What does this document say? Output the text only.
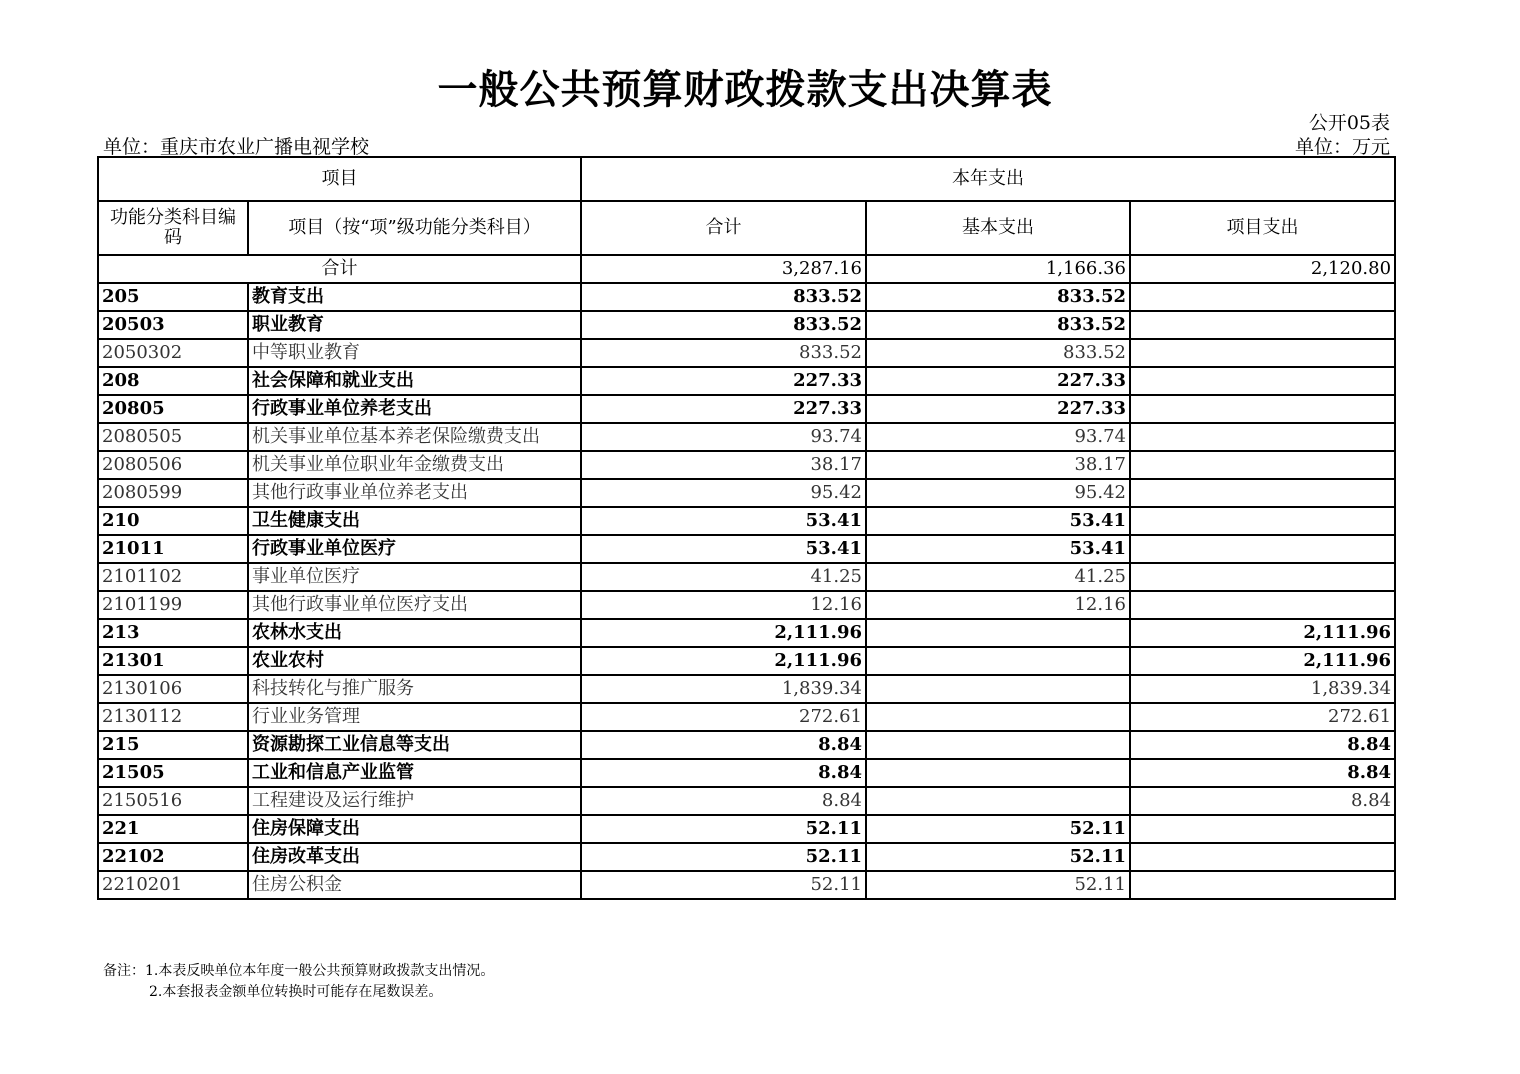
一般公共预算财政拨款支出决算表
公开05表
单位：重庆市农业广播电视学校	单位：万元
项目		本年支出		
功能分类科目编码	项目（按“项”级功能分类科目）	合计	基本支出	项目支出
合计		3,287.16	1,166.36	2,120.80
205	教育支出	833.52	833.52	
20503	职业教育	833.52	833.52	
2050302	中等职业教育	833.52	833.52	
208	社会保障和就业支出	227.33	227.33	
20805	行政事业单位养老支出	227.33	227.33	
2080505	机关事业单位基本养老保险缴费支出	93.74	93.74	
2080506	机关事业单位职业年金缴费支出	38.17	38.17	
2080599	其他行政事业单位养老支出	95.42	95.42	
210	卫生健康支出	53.41	53.41	
21011	行政事业单位医疗	53.41	53.41	
2101102	事业单位医疗	41.25	41.25	
2101199	其他行政事业单位医疗支出	12.16	12.16	
213	农林水支出	2,111.96		2,111.96
21301	农业农村	2,111.96		2,111.96
2130106	科技转化与推广服务	1,839.34		1,839.34
2130112	行业业务管理	272.61		272.61
215	资源勘探工业信息等支出	8.84		8.84
21505	工业和信息产业监管	8.84		8.84
2150516	工程建设及运行维护	8.84		8.84
221	住房保障支出	52.11	52.11	
22102	住房改革支出	52.11	52.11	
2210201	住房公积金	52.11	52.11	
备注：1.本表反映单位本年度一般公共预算财政拨款支出情况。
2.本套报表金额单位转换时可能存在尾数误差。
